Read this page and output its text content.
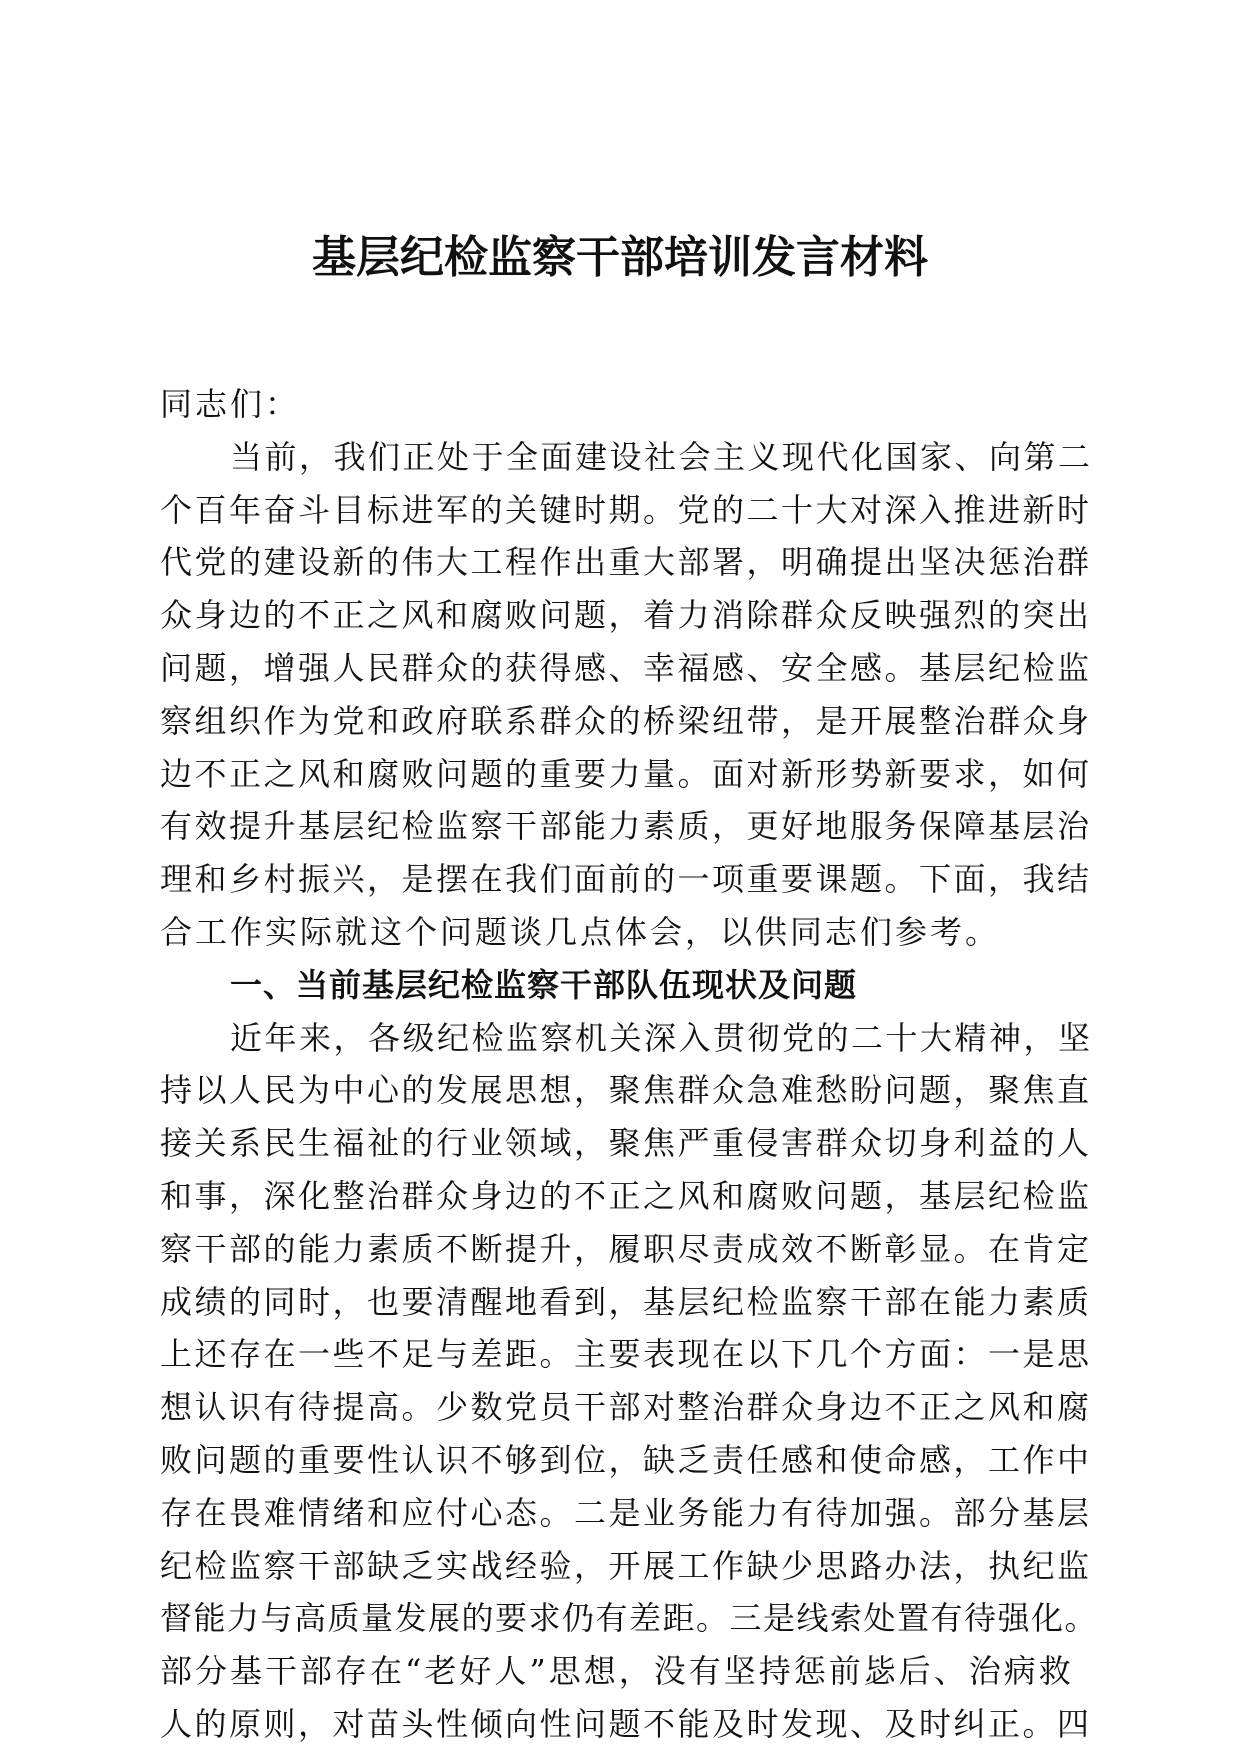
基层纪检监察干部培训发言材料

同志们：

当前，我们正处于全面建设社会主义现代化国家、向第二

个百年奋斗目标进军的关键时期。党的二十大对深入推进新时

代党的建设新的伟大工程作出重大部署，明确提出坚决惩治群

众身边的不正之风和腐败问题，着力消除群众反映强烈的突出

问题，增强人民群众的获得感、幸福感、安全感。基层纪检监

察组织作为党和政府联系群众的桥梁纽带，是开展整治群众身

边不正之风和腐败问题的重要力量。面对新形势新要求，如何

有效提升基层纪检监察干部能力素质，更好地服务保障基层治

理和乡村振兴，是摆在我们面前的一项重要课题。下面，我结

合工作实际就这个问题谈几点体会，以供同志们参考。

一、当前基层纪检监察干部队伍现状及问题

近年来，各级纪检监察机关深入贯彻党的二十大精神，坚

持以人民为中心的发展思想，聚焦群众急难愁盼问题，聚焦直

接关系民生福祉的行业领域，聚焦严重侵害群众切身利益的人

和事，深化整治群众身边的不正之风和腐败问题，基层纪检监

察干部的能力素质不断提升，履职尽责成效不断彰显。在肯定

成绩的同时，也要清醒地看到，基层纪检监察干部在能力素质

上还存在一些不足与差距。主要表现在以下几个方面：一是思

想认识有待提高。少数党员干部对整治群众身边不正之风和腐

败问题的重要性认识不够到位，缺乏责任感和使命感，工作中

存在畏难情绪和应付心态。二是业务能力有待加强。部分基层

纪检监察干部缺乏实战经验，开展工作缺少思路办法，执纪监

督能力与高质量发展的要求仍有差距。三是线索处置有待强化。

部分基干部存在“老好人”思想，没有坚持惩前毖后、治病救

人的原则，对苗头性倾向性问题不能及时发现、及时纠正。四
